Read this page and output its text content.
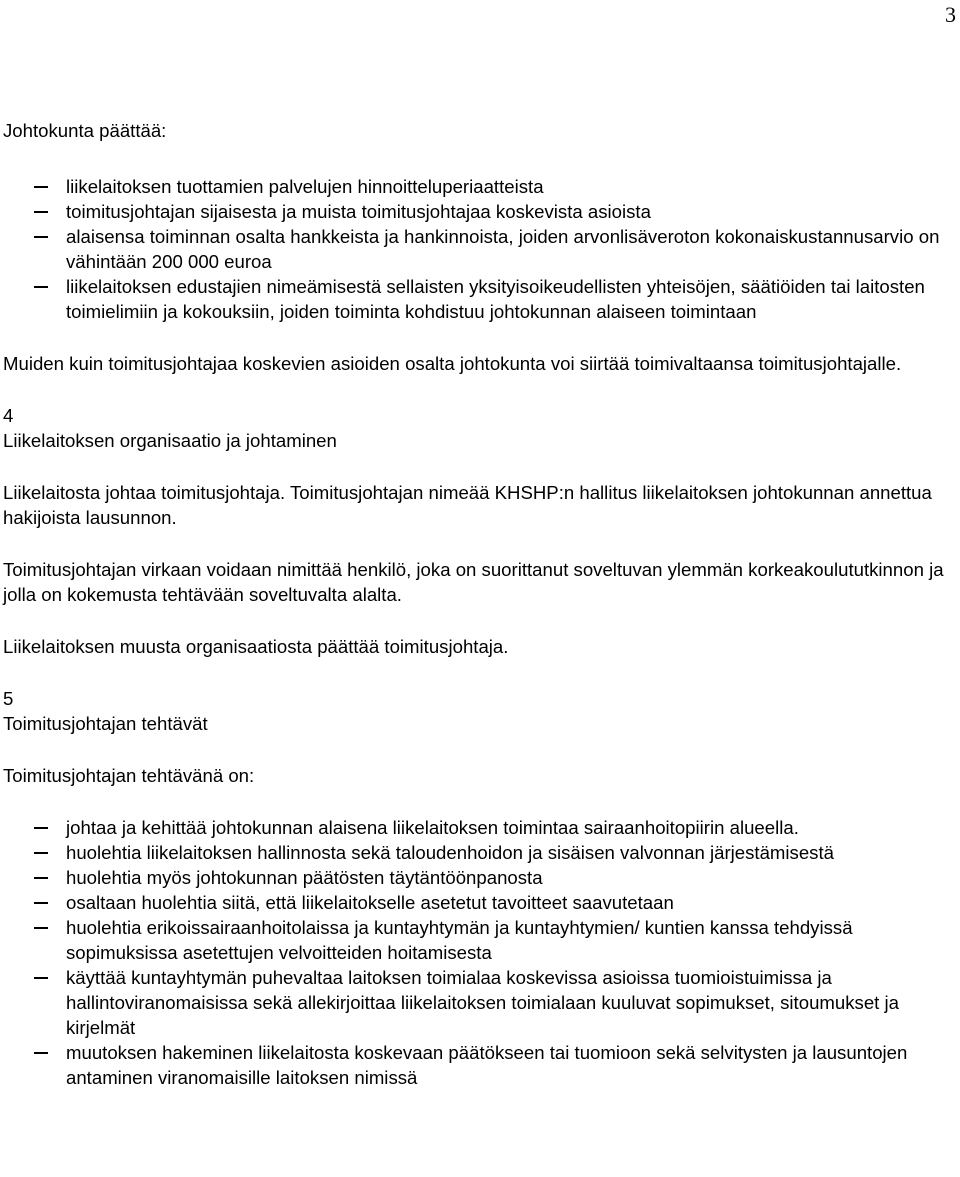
3

Johtokunta päättää:

liikelaitoksen tuottamien palvelujen hinnoitteluperiaatteista
toimitusjohtajan sijaisesta ja muista toimitusjohtajaa koskevista asioista
alaisensa toiminnan osalta hankkeista ja hankinnoista, joiden arvonlisäveroton kokonaiskustannusarvio on vähintään 200 000 euroa
liikelaitoksen edustajien nimeämisestä sellaisten yksityisoikeudellisten yhteisöjen, säätiöiden tai laitosten toimielimiin ja kokouksiin, joiden toiminta kohdistuu johtokunnan alaiseen toimintaan

Muiden kuin toimitusjohtajaa koskevien asioiden osalta johtokunta voi siirtää toimivaltaansa toimitusjohtajalle.

4

Liikelaitoksen organisaatio ja johtaminen

Liikelaitosta johtaa toimitusjohtaja. Toimitusjohtajan nimeää KHSHP:n hallitus liikelaitoksen johtokunnan annettua hakijoista lausunnon.

Toimitusjohtajan virkaan voidaan nimittää henkilö, joka on suorittanut soveltuvan ylemmän korkeakoulututkinnon ja jolla on kokemusta tehtävään soveltuvalta alalta.

Liikelaitoksen muusta organisaatiosta päättää toimitusjohtaja.

5

Toimitusjohtajan tehtävät

Toimitusjohtajan tehtävänä on:

johtaa ja kehittää johtokunnan alaisena liikelaitoksen toimintaa sairaanhoitopiirin alueella.
huolehtia liikelaitoksen hallinnosta sekä taloudenhoidon ja sisäisen valvonnan järjestämisestä
huolehtia myös johtokunnan päätösten täytäntöönpanosta
osaltaan huolehtia siitä, että liikelaitokselle asetetut tavoitteet saavutetaan
huolehtia erikoissairaanhoitolaissa ja kuntayhtymän ja kuntayhtymien/ kuntien kanssa tehdyissä sopimuksissa asetettujen velvoitteiden hoitamisesta
käyttää kuntayhtymän puhevaltaa laitoksen toimialaa koskevissa asioissa tuomioistuimissa ja hallintoviranomaisissa sekä allekirjoittaa liikelaitoksen toimialaan kuuluvat sopimukset, sitoumukset ja kirjelmät
muutoksen hakeminen liikelaitosta koskevaan päätökseen tai tuomioon sekä selvitysten ja lausuntojen antaminen viranomaisille laitoksen nimissä
